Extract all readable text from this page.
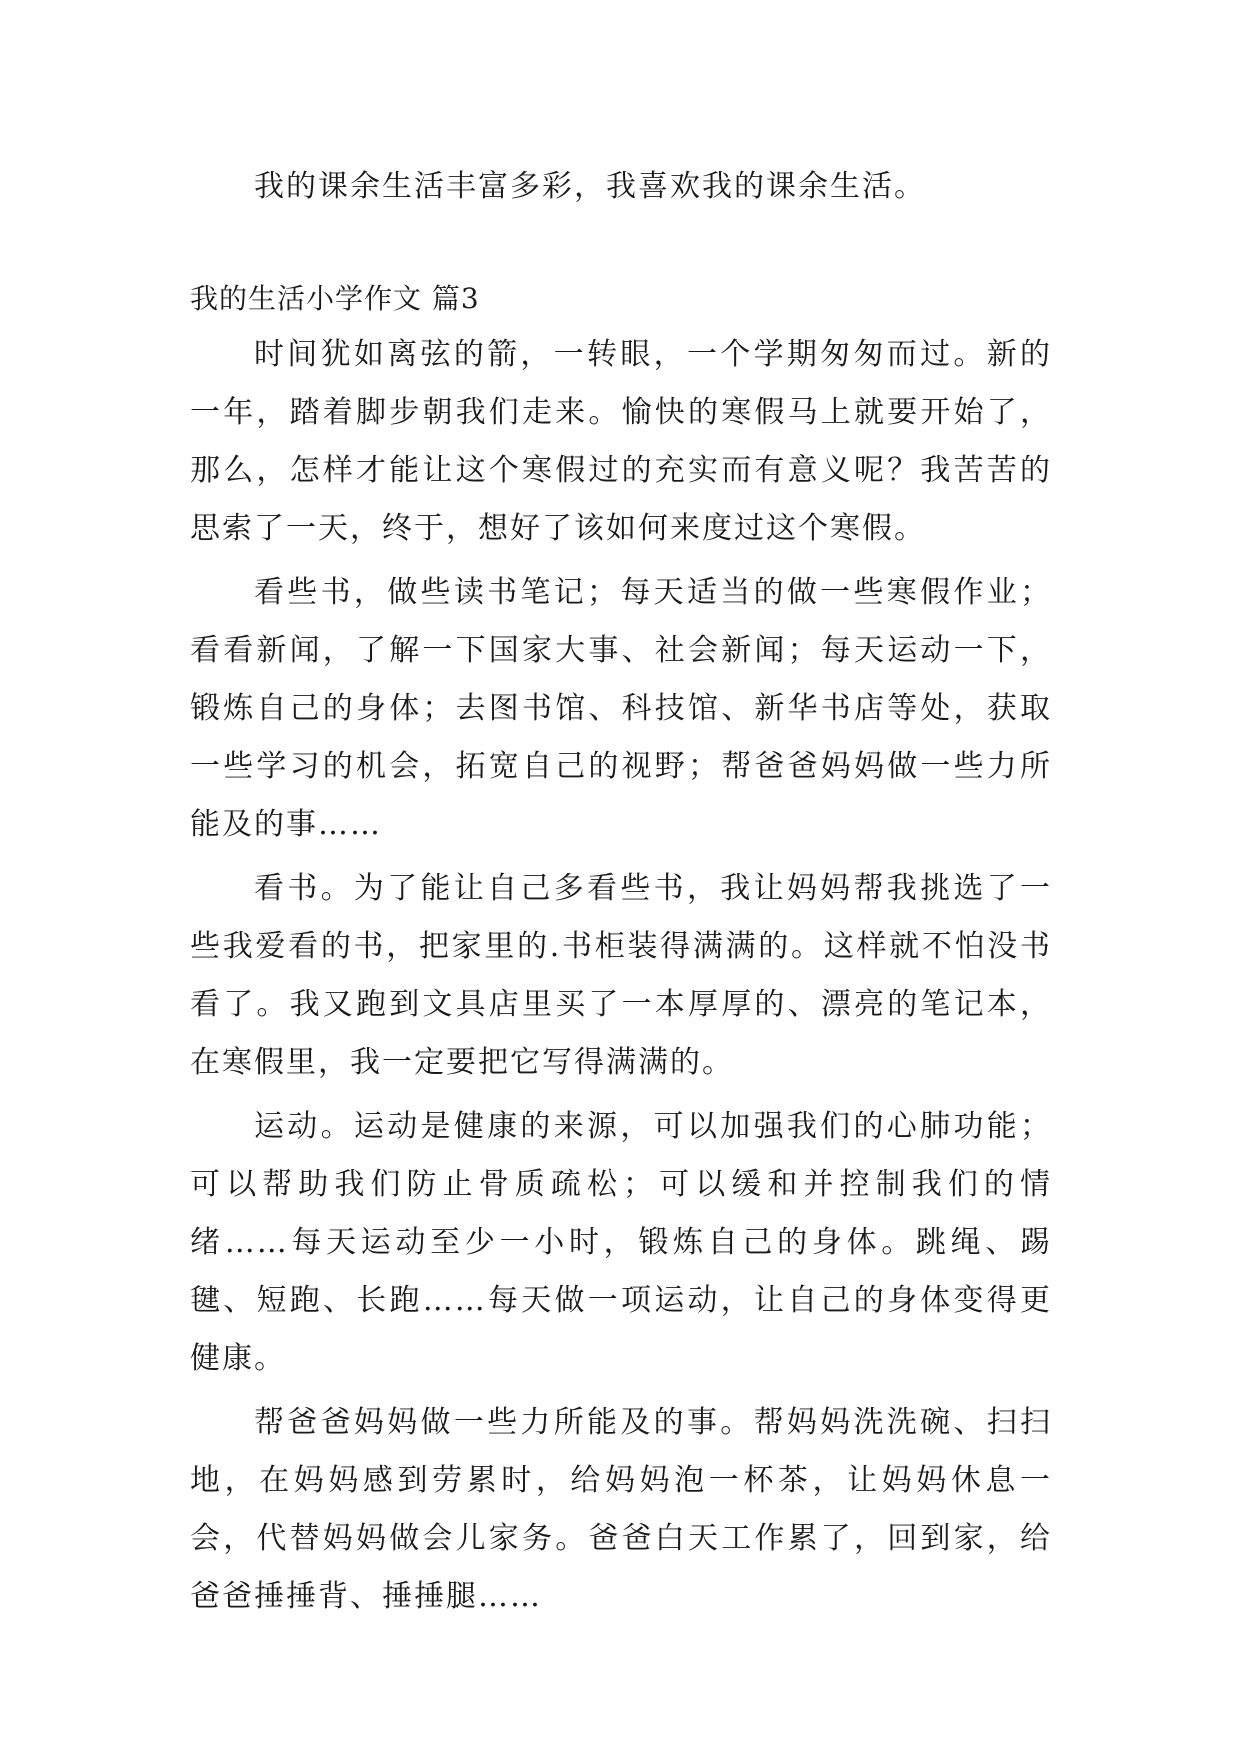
我的课余生活丰富多彩，我喜欢我的课余生活。

我的生活小学作文 篇3

时间犹如离弦的箭，一转眼，一个学期匆匆而过。新的一年，踏着脚步朝我们走来。愉快的寒假马上就要开始了，那么，怎样才能让这个寒假过的充实而有意义呢？我苦苦的思索了一天，终于，想好了该如何来度过这个寒假。

看些书，做些读书笔记；每天适当的做一些寒假作业；看看新闻，了解一下国家大事、社会新闻；每天运动一下，锻炼自己的身体；去图书馆、科技馆、新华书店等处，获取一些学习的机会，拓宽自己的视野；帮爸爸妈妈做一些力所能及的事……

看书。为了能让自己多看些书，我让妈妈帮我挑选了一些我爱看的书，把家里的.书柜装得满满的。这样就不怕没书看了。我又跑到文具店里买了一本厚厚的、漂亮的笔记本，在寒假里，我一定要把它写得满满的。

运动。运动是健康的来源，可以加强我们的心肺功能；可以帮助我们防止骨质疏松；可以缓和并控制我们的情绪……每天运动至少一小时，锻炼自己的身体。跳绳、踢毽、短跑、长跑……每天做一项运动，让自己的身体变得更健康。

帮爸爸妈妈做一些力所能及的事。帮妈妈洗洗碗、扫扫地，在妈妈感到劳累时，给妈妈泡一杯茶，让妈妈休息一会，代替妈妈做会儿家务。爸爸白天工作累了，回到家，给爸爸捶捶背、捶捶腿……
